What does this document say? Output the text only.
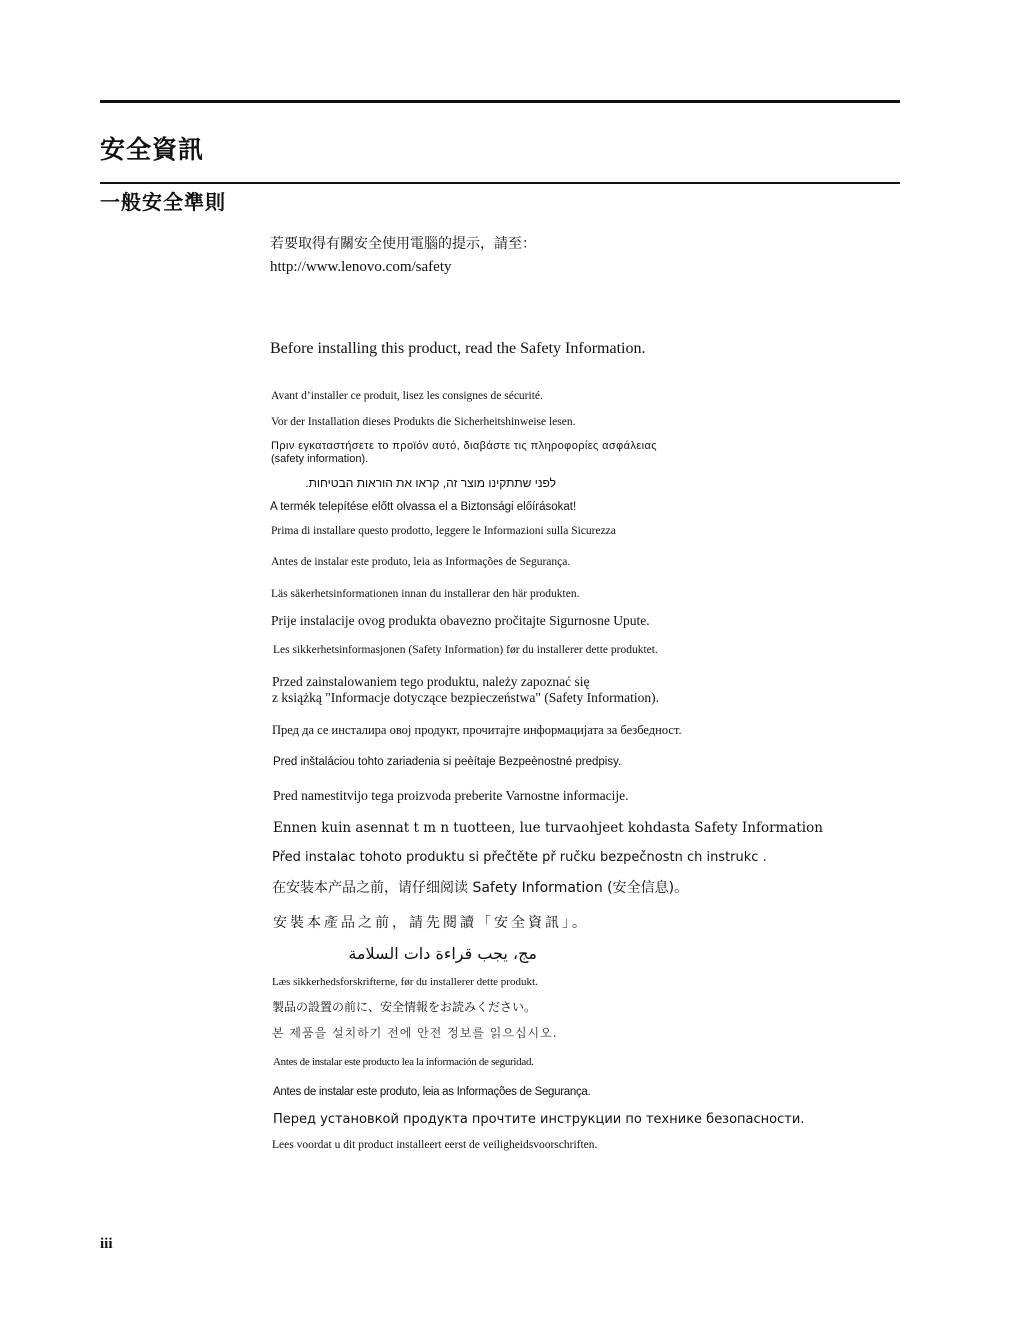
安全資訊
一般安全準則
若要取得有關安全使用電腦的提示，請至：
http://www.lenovo.com/safety
Before installing this product, read the Safety Information.
Avant d’installer ce produit, lisez les consignes de sécurité.
Vor der Installation dieses Produkts die Sicherheitshinweise lesen.
Πριν εγκαταστήσετε το προϊόν αυτό, διαβάστε τις πληροφορίες ασφάλειας
(safety information).
לפני שתתקינו מוצר זה, קראו את הוראות הבטיחות.
A termék telepítése előtt olvassa el a Biztonsági előírásokat!
Prima di installare questo prodotto, leggere le Informazioni sulla Sicurezza
Antes de instalar este produto, leia as Informações de Segurança.
Läs säkerhetsinformationen innan du installerar den här produkten.
Prije instalacije ovog produkta obavezno pročitajte Sigurnosne Upute.
Les sikkerhetsinformasjonen (Safety Information) før du installerer dette produktet.
Przed zainstalowaniem tego produktu, należy zapoznać się
z książką "Informacje dotyczące bezpieczeństwa" (Safety Information).
Пред да се инсталира овој продукт, прочитајте информацијата за безбедност.
Pred inštaláciou tohto zariadenia si peèítaje Bezpeènostné predpisy.
Pred namestitvijo tega proizvoda preberite Varnostne informacije.
Ennen kuin asennat t m n tuotteen, lue turvaohjeet kohdasta Safety Information
Před instalac tohoto produktu si přečtěte př ručku bezpečnostn ch instrukc .
在安装本产品之前，请仔细阅读 Safety Information (安全信息)。
安裝本產品之前，請先閱讀「安全資訊」。
مج، يجب قراءة دات السلامة
Læs sikkerhedsforskrifterne, før du installerer dette produkt.
製品の設置の前に、安全情報をお読みください。
본 제품을 설치하기 전에 안전 정보를 읽으십시오.
Antes de instalar este producto lea la información de seguridad.
Antes de instalar este produto, leia as Informações de Segurança.
Перед установкой продукта прочтите инструкции по технике безопасности.
Lees voordat u dit product installeert eerst de veiligheidsvoorschriften.
iii
